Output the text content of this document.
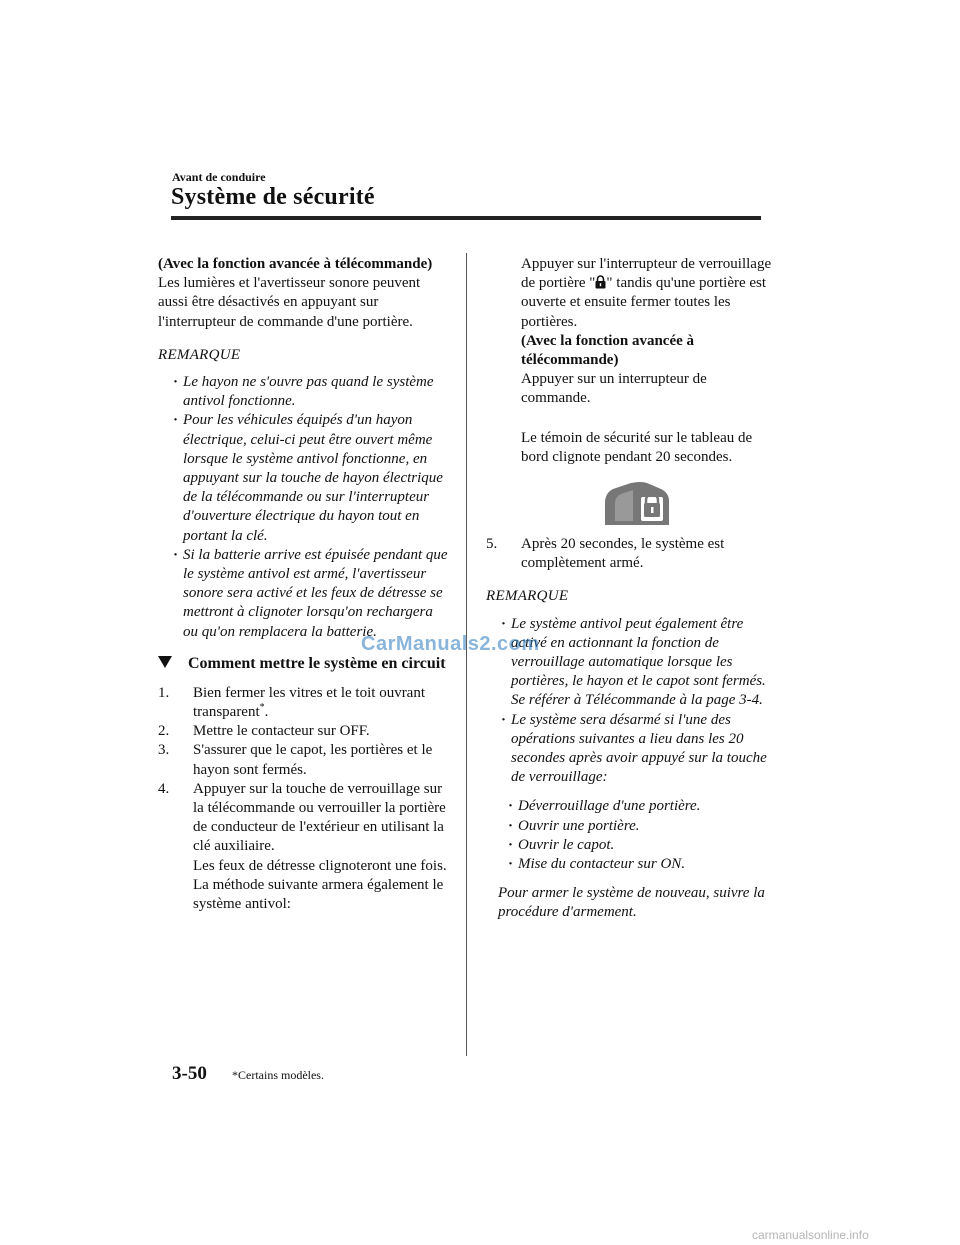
Avant de conduire
Système de sécurité

(Avec la fonction avancée à télécommande)

Les lumières et l'avertisseur sonore peuvent aussi être désactivés en appuyant sur l'interrupteur de commande d'une portière.

REMARQUE

· Le hayon ne s'ouvre pas quand le système antivol fonctionne.
· Pour les véhicules équipés d'un hayon électrique, celui-ci peut être ouvert même lorsque le système antivol fonctionne, en appuyant sur la touche de hayon électrique de la télécommande ou sur l'interrupteur d'ouverture électrique du hayon tout en portant la clé.
· Si la batterie arrive est épuisée pendant que le système antivol est armé, l'avertisseur sonore sera activé et les feux de détresse se mettront à clignoter lorsqu'on rechargera ou qu'on remplacera la batterie.
Comment mettre le système en circuit
1. Bien fermer les vitres et le toit ouvrant transparent*.
2. Mettre le contacteur sur OFF.
3. S'assurer que le capot, les portières et le hayon sont fermés.
4. Appuyer sur la touche de verrouillage sur la télécommande ou verrouiller la portière de conducteur de l'extérieur en utilisant la clé auxiliaire.
Les feux de détresse clignoteront une fois.
La méthode suivante armera également le système antivol:
Appuyer sur l'interrupteur de verrouillage de portière " " tandis qu'une portière est ouverte et ensuite fermer toutes les portières.
(Avec la fonction avancée à télécommande)
Appuyer sur un interrupteur de commande.
Le témoin de sécurité sur le tableau de bord clignote pendant 20 secondes.
5. Après 20 secondes, le système est complètement armé.

REMARQUE

· Le système antivol peut également être activé en actionnant la fonction de verrouillage automatique lorsque les portières, le hayon et le capot sont fermés.
Se référer à Télécommande à la page 3-4.
· Le système sera désarmé si l'une des opérations suivantes a lieu dans les 20 secondes après avoir appuyé sur la touche de verrouillage:
· Déverrouillage d'une portière.
· Ouvrir une portière.
· Ouvrir le capot.
· Mise du contacteur sur ON.
Pour armer le système de nouveau, suivre la procédure d'armement.
CarManuals2.com
3-50 *Certains modèles.
carmanualsonline.info
